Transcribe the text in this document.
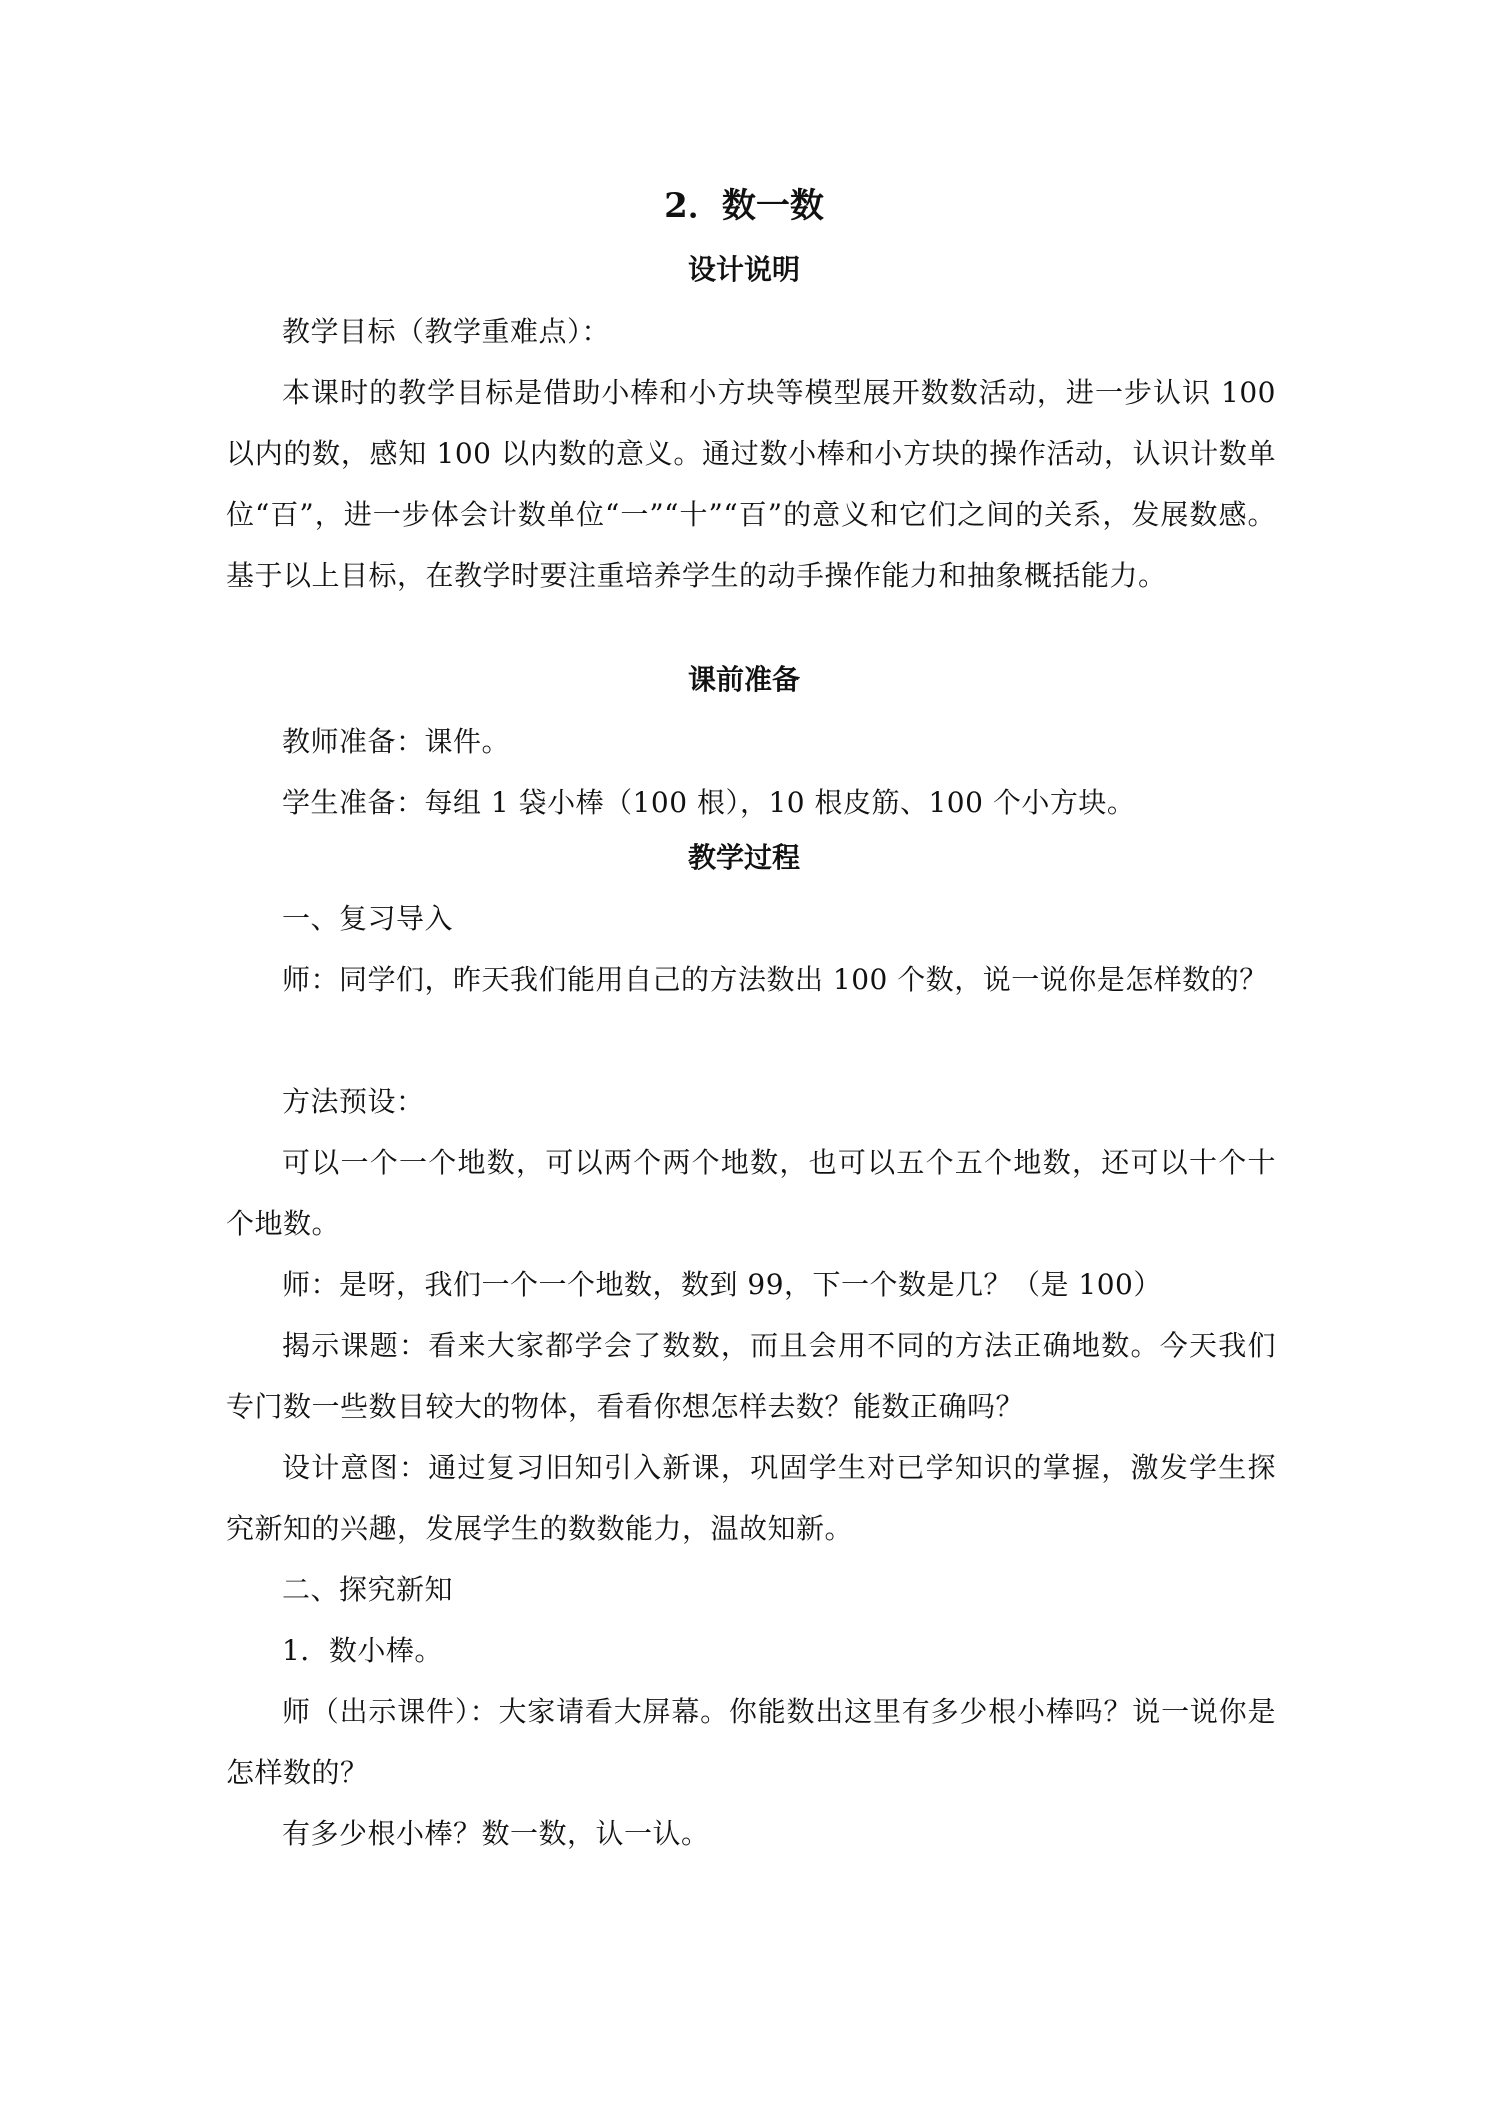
2．数一数
设计说明

教学目标（教学重难点）：

本课时的教学目标是借助小棒和小方块等模型展开数数活动，进一步认识 100 以内的数，感知 100 以内数的意义。通过数小棒和小方块的操作活动，认识计数单位“百”，进一步体会计数单位“一”“十”“百”的意义和它们之间的关系，发展数感。基于以上目标，在教学时要注重培养学生的动手操作能力和抽象概括能力。

课前准备

教师准备：课件。

学生准备：每组 1 袋小棒（100 根），10 根皮筋、100 个小方块。

教学过程

一、复习导入

师：同学们，昨天我们能用自己的方法数出 100 个数，说一说你是怎样数的？

方法预设：

可以一个一个地数，可以两个两个地数，也可以五个五个地数，还可以十个十个地数。

师：是呀，我们一个一个地数，数到 99，下一个数是几？（是 100）

揭示课题：看来大家都学会了数数，而且会用不同的方法正确地数。今天我们专门数一些数目较大的物体，看看你想怎样去数？能数正确吗？

设计意图：通过复习旧知引入新课，巩固学生对已学知识的掌握，激发学生探究新知的兴趣，发展学生的数数能力，温故知新。

二、探究新知

1．数小棒。

师（出示课件）：大家请看大屏幕。你能数出这里有多少根小棒吗？说一说你是怎样数的？

有多少根小棒？数一数，认一认。
